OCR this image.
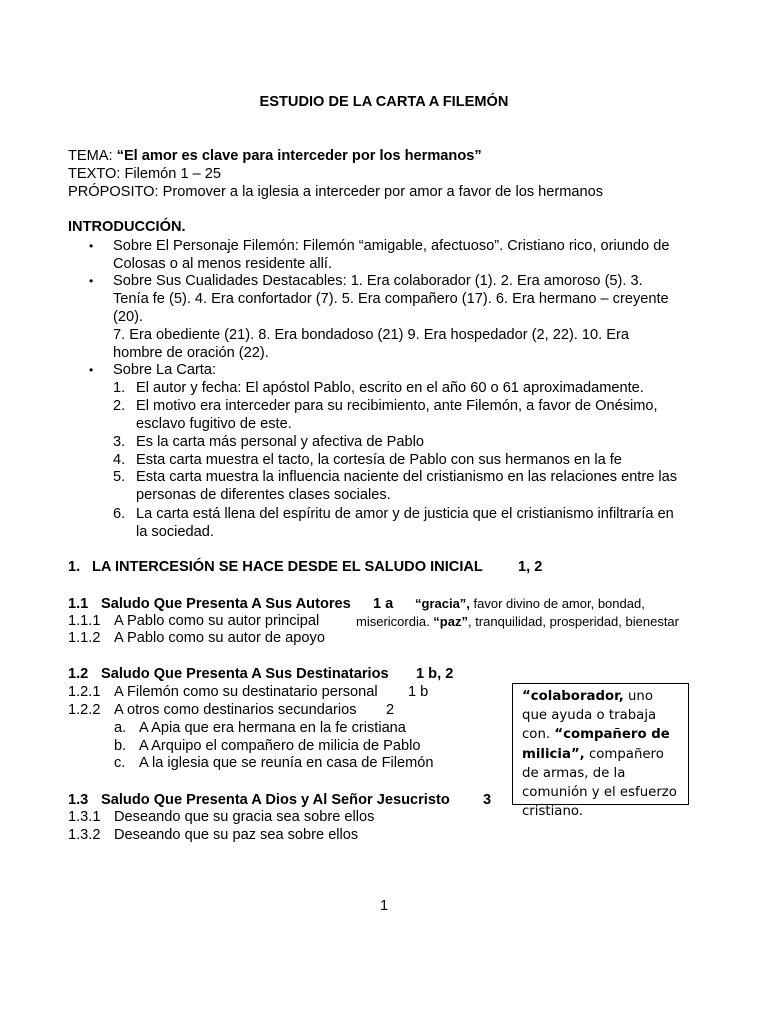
ESTUDIO DE LA CARTA A FILEMÓN
TEMA: “El amor es clave para interceder por los hermanos”
TEXTO: Filemón 1 – 25
PRÓPOSITO: Promover a la iglesia a interceder por amor a favor de los hermanos
INTRODUCCIÓN.
• Sobre El Personaje Filemón: Filemón “amigable, afectuoso”. Cristiano rico, oriundo de
Colosas o al menos residente allí.
• Sobre Sus Cualidades Destacables: 1. Era colaborador (1). 2. Era amoroso (5). 3.
Tenía fe (5). 4. Era confortador (7). 5. Era compañero (17). 6. Era hermano – creyente
(20).
7. Era obediente (21). 8. Era bondadoso (21) 9. Era hospedador (2, 22). 10. Era
hombre de oración (22).
• Sobre La Carta:
1. El autor y fecha: El apóstol Pablo, escrito en el año 60 o 61 aproximadamente.
2. El motivo era interceder para su recibimiento, ante Filemón, a favor de Onésimo,
esclavo fugitivo de este.
3. Es la carta más personal y afectiva de Pablo
4. Esta carta muestra el tacto, la cortesía de Pablo con sus hermanos en la fe
5. Esta carta muestra la influencia naciente del cristianismo en las relaciones entre las
personas de diferentes clases sociales.
6. La carta está llena del espíritu de amor y de justicia que el cristianismo infiltraría en
la sociedad.
1. LA INTERCESIÓN SE HACE DESDE EL SALUDO INICIAL 1, 2
1.1 Saludo Que Presenta A Sus Autores 1 a “gracia”, favor divino de amor, bondad,
1.1.1 A Pablo como su autor principal	misericordia. “paz”, tranquilidad, prosperidad, bienestar
1.1.2 A Pablo como su autor de apoyo
1.2 Saludo Que Presenta A Sus Destinatarios 1 b, 2
1.2.1 A Filemón como su destinatario personal 1 b
1.2.2 A otros como destinarios secundarios 2
a. A Apia que era hermana en la fe cristiana
b. A Arquipo el compañero de milicia de Pablo
c. A la iglesia que se reunía en casa de Filemón
1.3 Saludo Que Presenta A Dios y Al Señor Jesucristo 3
1.3.1 Deseando que su gracia sea sobre ellos
1.3.2 Deseando que su paz sea sobre ellos
“colaborador, uno que ayuda o trabaja con. “compañero de milicia”, compañero de armas, de la comunión y el esfuerzo cristiano.
1
